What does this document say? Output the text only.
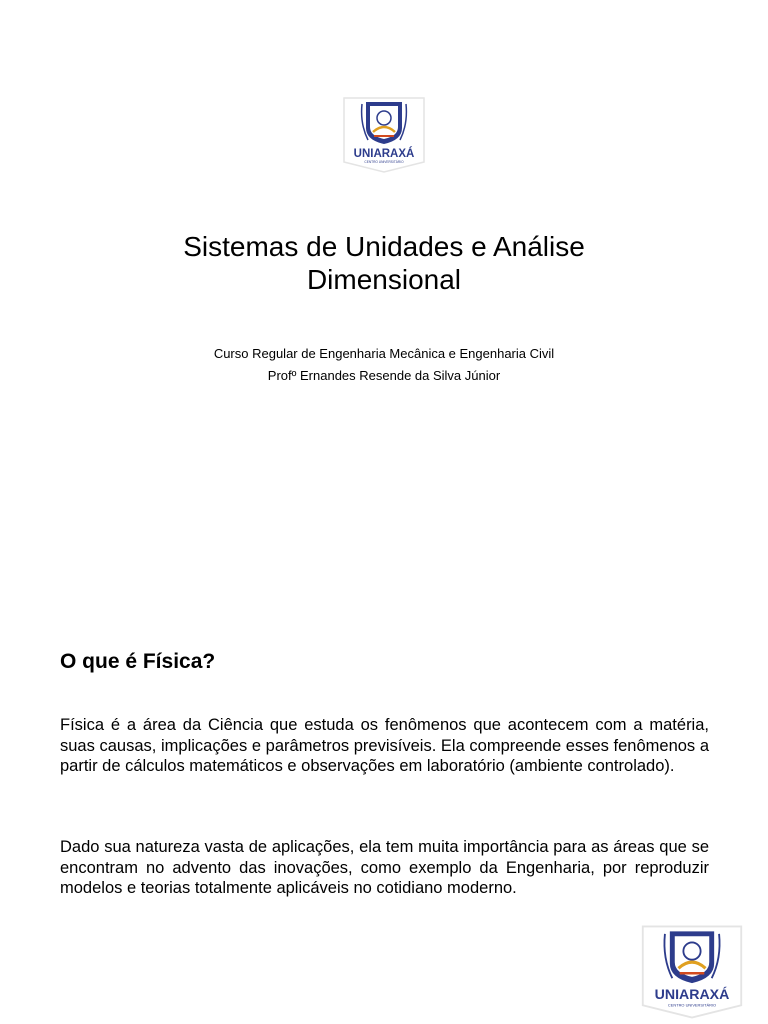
UNIARAXÁ
CENTRO UNIVERSITÁRIO
Sistemas de Unidades e Análise
Dimensional
Curso Regular de Engenharia Mecânica e Engenharia Civil
Profº Ernandes Resende da Silva Júnior
O que é Física?

Física é a área da Ciência que estuda os fenômenos que acontecem com a matéria, suas causas, implicações e parâmetros previsíveis. Ela compreende esses fenômenos a partir de cálculos matemáticos e observações em laboratório (ambiente controlado).

Dado sua natureza vasta de aplicações, ela tem muita importância para as áreas que se encontram no advento das inovações, como exemplo da Engenharia, por reproduzir modelos e teorias totalmente aplicáveis no cotidiano moderno.

UNIARAXÁ
CENTRO UNIVERSITÁRIO
